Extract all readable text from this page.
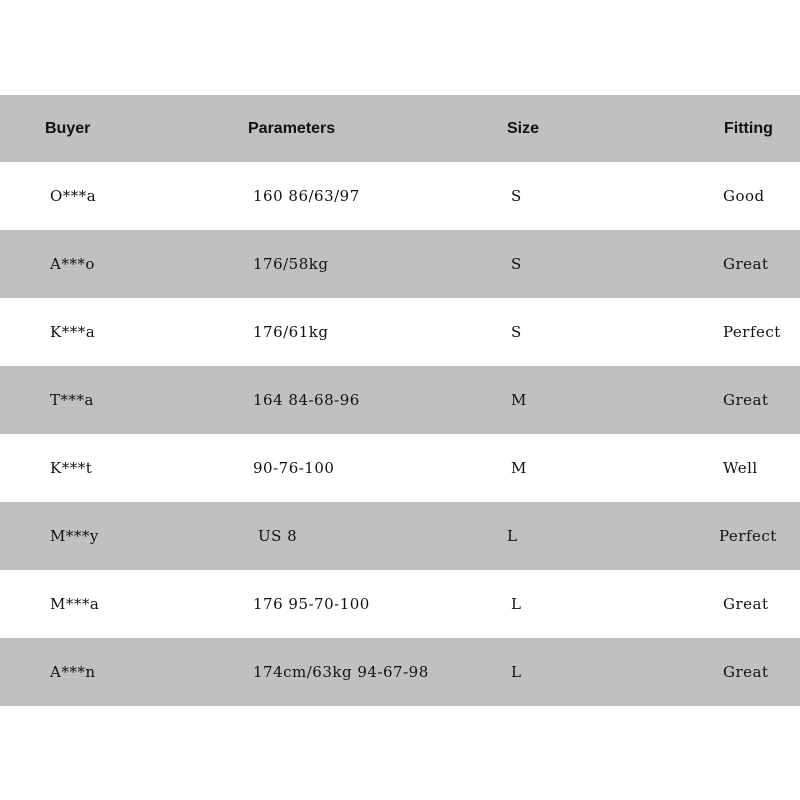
Buyer	Parameters	Size	Fitting
O***a	160 86/63/97	S	Good
A***o	176/58kg	S	Great
K***a	176/61kg	S	Perfect
T***a	164 84-68-96	M	Great
K***t	90-76-100	M	Well
M***y	US 8	L	Perfect
M***a	176 95-70-100	L	Great
A***n	174cm/63kg 94-67-98	L	Great
